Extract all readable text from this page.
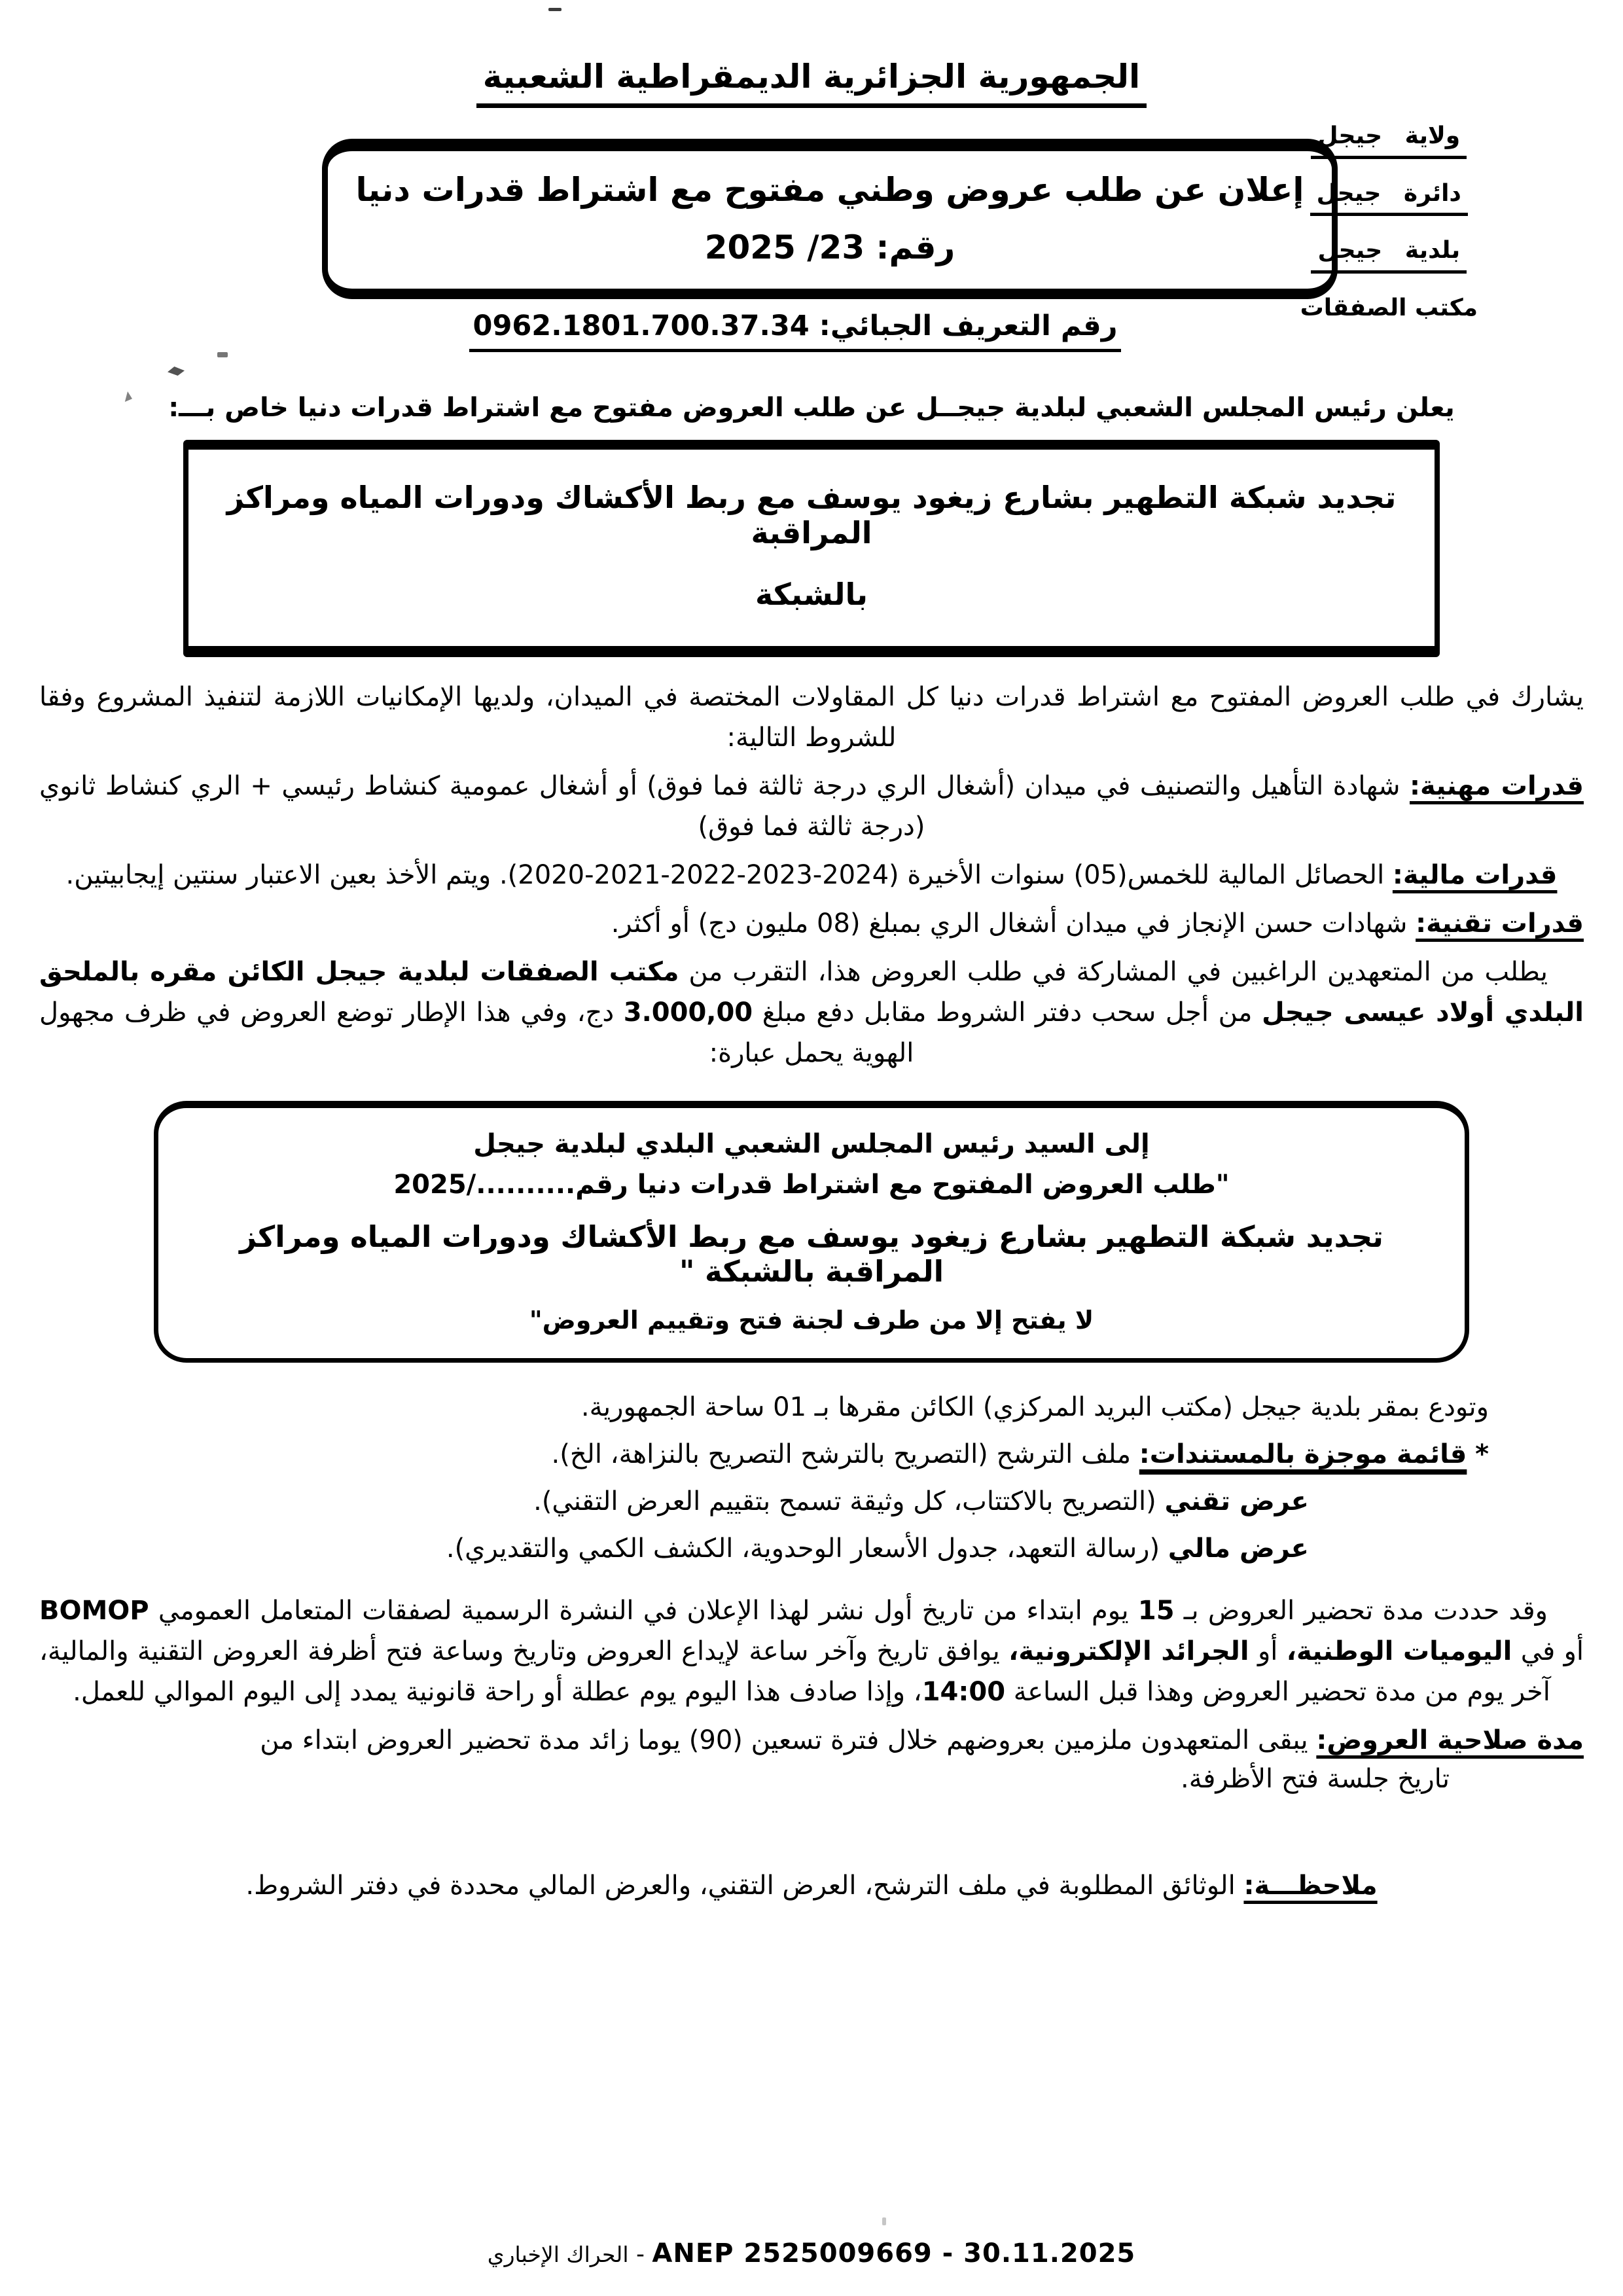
ولاية جيجل
دائرة جيجل
بلدية جيجل
مكتب الصفقات
الجمهورية الجزائرية الديمقراطية الشعبية
إعلان عن طلب عروض وطني مفتوح مع اشتراط قدرات دنيا
رقم: 23/ 2025
رقم التعريف الجبائي: 0962.1801.700.37.34
يعلن رئيس المجلس الشعبي لبلدية جيجــل عن طلب العروض مفتوح مع اشتراط قدرات دنيا خاص بـــ:
تجديد شبكة التطهير بشارع زيغود يوسف مع ربط الأكشاك ودورات المياه ومراكز المراقبة
بالشبكة
يشارك في طلب العروض المفتوح مع اشتراط قدرات دنيا كل المقاولات المختصة في الميدان، ولديها الإمكانيات اللازمة لتنفيذ المشروع وفقا للشروط التالية:
قدرات مهنية: شهادة التأهيل والتصنيف في ميدان (أشغال الري درجة ثالثة فما فوق) أو أشغال عمومية كنشاط رئيسي + الري كنشاط ثانوي (درجة ثالثة فما فوق)
قدرات مالية: الحصائل المالية للخمس(05) سنوات الأخيرة (2024-2023-2022-2021-2020). ويتم الأخذ بعين الاعتبار سنتين إيجابيتين.
قدرات تقنية: شهادات حسن الإنجاز في ميدان أشغال الري بمبلغ (08 مليون دج) أو أكثر.
يطلب من المتعهدين الراغبين في المشاركة في طلب العروض هذا، التقرب من مكتب الصفقات لبلدية جيجل الكائن مقره بالملحق البلدي أولاد عيسى جيجل من أجل سحب دفتر الشروط مقابل دفع مبلغ 3.000,00 دج، وفي هذا الإطار توضع العروض في ظرف مجهول الهوية يحمل عبارة:
إلى السيد رئيس المجلس الشعبي البلدي لبلدية جيجل
"طلب العروض المفتوح مع اشتراط قدرات دنيا رقم........../2025
تجديد شبكة التطهير بشارع زيغود يوسف مع ربط الأكشاك ودورات المياه ومراكز المراقبة بالشبكة "
لا يفتح إلا من طرف لجنة فتح وتقييم العروض"
وتودع بمقر بلدية جيجل (مكتب البريد المركزي) الكائن مقرها بـ 01 ساحة الجمهورية.
* قائمة موجزة بالمستندات: ملف الترشح (التصريح بالترشح التصريح بالنزاهة، الخ).
عرض تقني (التصريح بالاكتتاب، كل وثيقة تسمح بتقييم العرض التقني).
عرض مالي (رسالة التعهد، جدول الأسعار الوحدوية، الكشف الكمي والتقديري).
وقد حددت مدة تحضير العروض بـ 15 يوم ابتداء من تاريخ أول نشر لهذا الإعلان في النشرة الرسمية لصفقات المتعامل العمومي BOMOP أو في اليوميات الوطنية، أو الجرائد الإلكترونية، يوافق تاريخ وآخر ساعة لإيداع العروض وتاريخ وساعة فتح أظرفة العروض التقنية والمالية، آخر يوم من مدة تحضير العروض وهذا قبل الساعة 14:00، وإذا صادف هذا اليوم يوم عطلة أو راحة قانونية يمدد إلى اليوم الموالي للعمل.
مدة صلاحية العروض: يبقى المتعهدون ملزمين بعروضهم خلال فترة تسعين (90) يوما زائد مدة تحضير العروض ابتداء من
تاريخ جلسة فتح الأظرفة.
ملاحظـــة: الوثائق المطلوبة في ملف الترشح، العرض التقني، والعرض المالي محددة في دفتر الشروط.
الحراك الإخباري - ANEP 2525009669 - 30.11.2025
